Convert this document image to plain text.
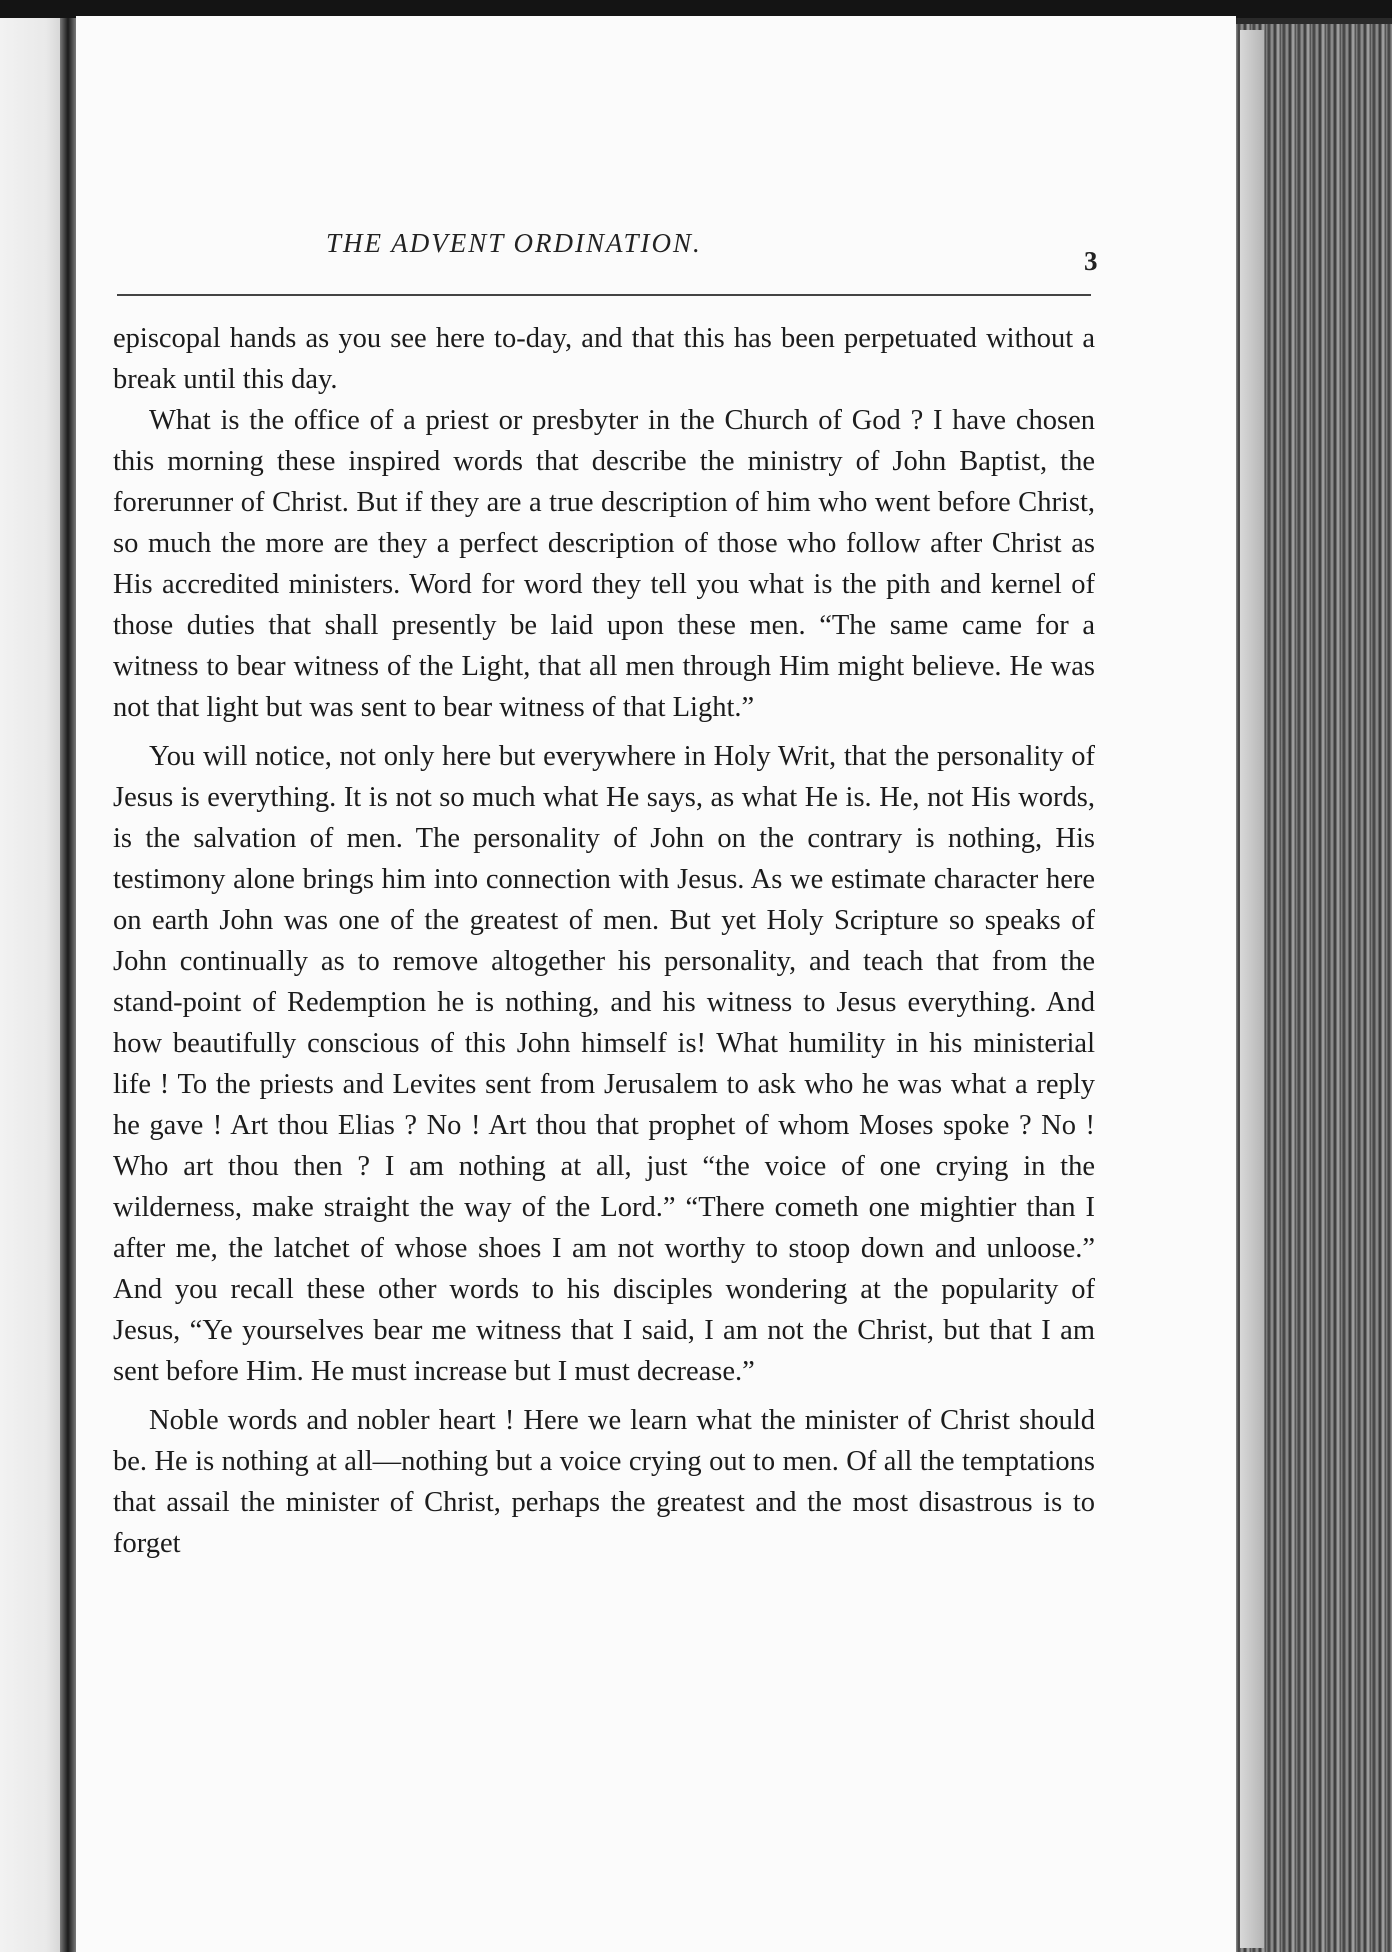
THE ADVENT ORDINATION.
3

episcopal hands as you see here to-day, and that this has been perpetuated without a break until this day.

What is the office of a priest or presbyter in the Church of God ? I have chosen this morning these inspired words that describe the ministry of John Baptist, the forerunner of Christ. But if they are a true description of him who went before Christ, so much the more are they a perfect description of those who follow after Christ as His accredited ministers. Word for word they tell you what is the pith and kernel of those duties that shall presently be laid upon these men. “The same came for a witness to bear witness of the Light, that all men through Him might believe. He was not that light but was sent to bear witness of that Light.”

You will notice, not only here but everywhere in Holy Writ, that the personality of Jesus is everything. It is not so much what He says, as what He is. He, not His words, is the salvation of men. The personality of John on the contrary is nothing, His testimony alone brings him into connection with Jesus. As we estimate character here on earth John was one of the greatest of men. But yet Holy Scripture so speaks of John continually as to remove altogether his personality, and teach that from the stand-point of Redemption he is nothing, and his witness to Jesus everything. And how beautifully conscious of this John himself is! What humility in his ministerial life ! To the priests and Levites sent from Jerusalem to ask who he was what a reply he gave ! Art thou Elias ? No ! Art thou that prophet of whom Moses spoke ? No ! Who art thou then ? I am nothing at all, just “the voice of one crying in the wilderness, make straight the way of the Lord.” “There cometh one mightier than I after me, the latchet of whose shoes I am not worthy to stoop down and unloose.” And you recall these other words to his disciples wondering at the popularity of Jesus, “Ye yourselves bear me witness that I said, I am not the Christ, but that I am sent before Him. He must increase but I must decrease.”

Noble words and nobler heart ! Here we learn what the minister of Christ should be. He is nothing at all—nothing but a voice crying out to men. Of all the temptations that assail the minister of Christ, perhaps the greatest and the most disastrous is to forget
